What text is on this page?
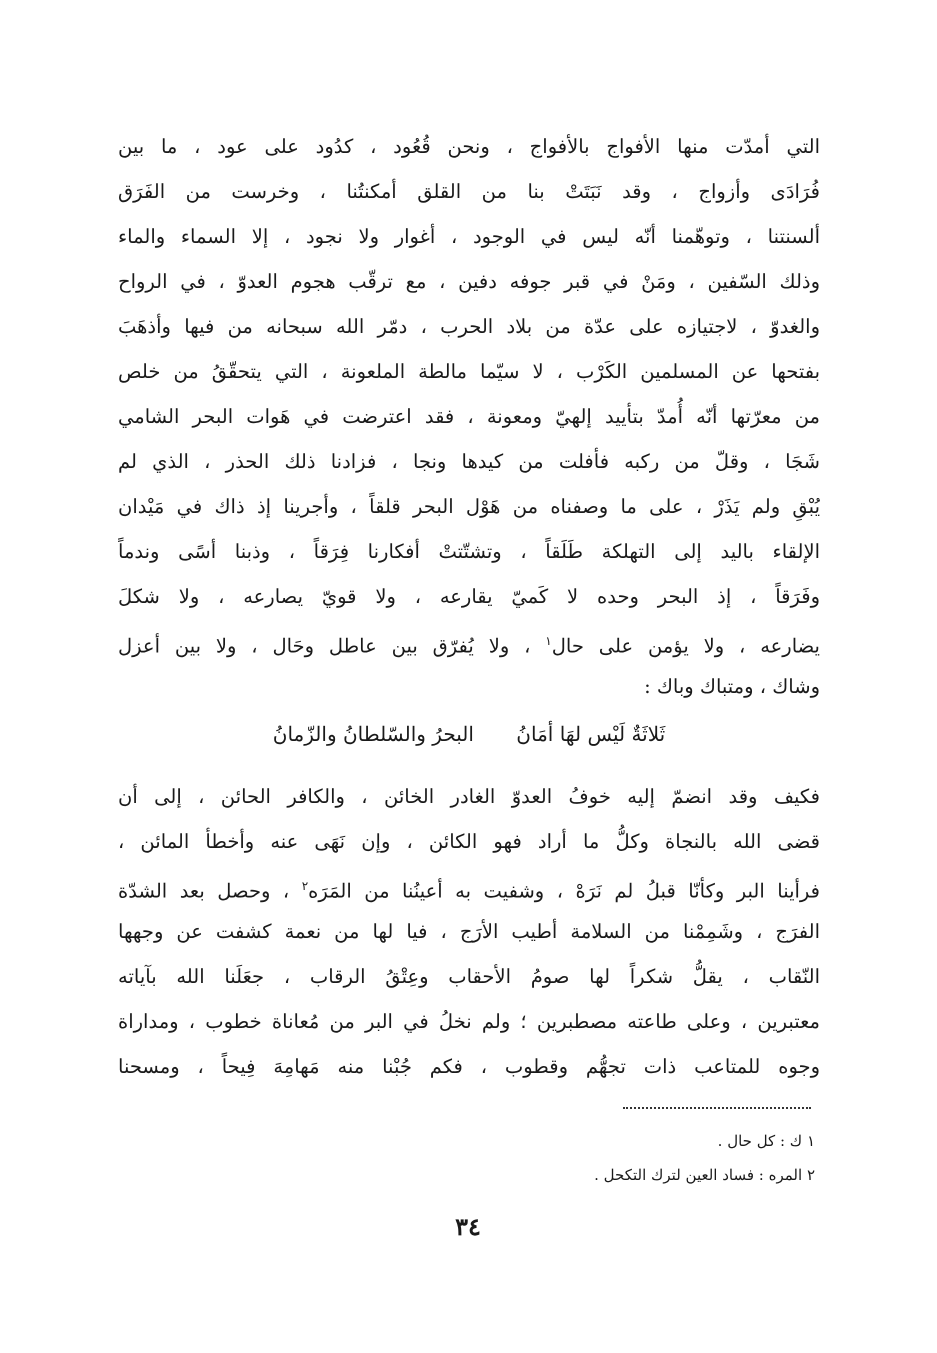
التي أمدّت منها الأفواج بالأفواج ، ونحن قُعُود ، كدُود على عود ، ما بين
فُرَادَى وأزواج ، وقد نَبَتَتْ بنا من القلق أمكنتُنا ، وخرست من الفَرَق
ألسنتنا ، وتوهّمنا أنّه ليس في الوجود ، أغوار ولا نجود ، إلا السماء والماء
وذلك السّفين ، ومَنْ في قبر جوفه دفين ، مع ترقّب هجوم العدوّ ، في الرواح
والغدوّ ، لاجتيازه على عدّة من بلاد الحرب ، دمّر الله سبحانه من فيها وأذهَبَ
بفتحها عن المسلمين الكَرْب ، لا سيّما مالطة الملعونة ، التي يتحقّقُ من خلص
من معرّتها أنّه أُمدّ بتأييد إلهيّ ومعونة ، فقد اعترضت في هَوات البحر الشامي
شَجَا ، وقلّ من ركبه فأفلت من كيدها ونجا ، فزادنا ذلك الحذر ، الذي لم
يُبْقِ ولم يَذَرْ ، على ما وصفناه من هَوْل البحر قلقاً ، وأجرينا إذ ذاك في مَيْدان
الإلقاء باليد إلى التهلكة طَلَقاً ، وتشتّتتْ أفكارنا فِرَقاً ، وذبنا أسًى وندماً
وفَرَقاً ، إذ البحر وحده لا كَميّ يقارعه ، ولا قويّ يصارعه ، ولا شكلَ
يضارعه ، ولا يؤمن على حال$^١$ ، ولا يُفرّق بين عاطل وحَال ، ولا بين أعزل
وشاك ، ومتباك وباك :
ثَلاثَةٌ لَيْس لهَا أمَانُ البحرُ والسّلطانُ والزّمانُ
فكيف وقد انضمّ إليه خوفُ العدوّ الغادر الخائن ، والكافر الحائن ، إلى أن
قضى الله بالنجاة وكلُّ ما أراد فهو الكائن ، وإن نَهَى عنه وأخطأ المائن ،
فرأينا البر وكأنّا قبلُ لم نَرَهْ ، وشفيت به أعينُنا من المَرَه$^٢$ ، وحصل بعد الشدّة
الفرَج ، وشَمِمْنا من السلامة أطيب الأرَج ، فيا لها من نعمة كشفت عن وجهها
النّقاب ، يقلُّ شكراً لها صومُ الأحقاب وعِتْقُ الرقاب ، جعَلَنا الله بآياته
معتبرين ، وعلى طاعته مصطبرين ؛ ولم نخلُ في البر من مُعاناة خطوب ، ومداراة
وجوه للمتاعب ذات تجهُّم وقطوب ، فكم جُبْنا منه مَهامِهَ فِيحاً ، ومسحنا
١ ك : كل حال .
٢ المره : فساد العين لترك التكحل .
٣٤
